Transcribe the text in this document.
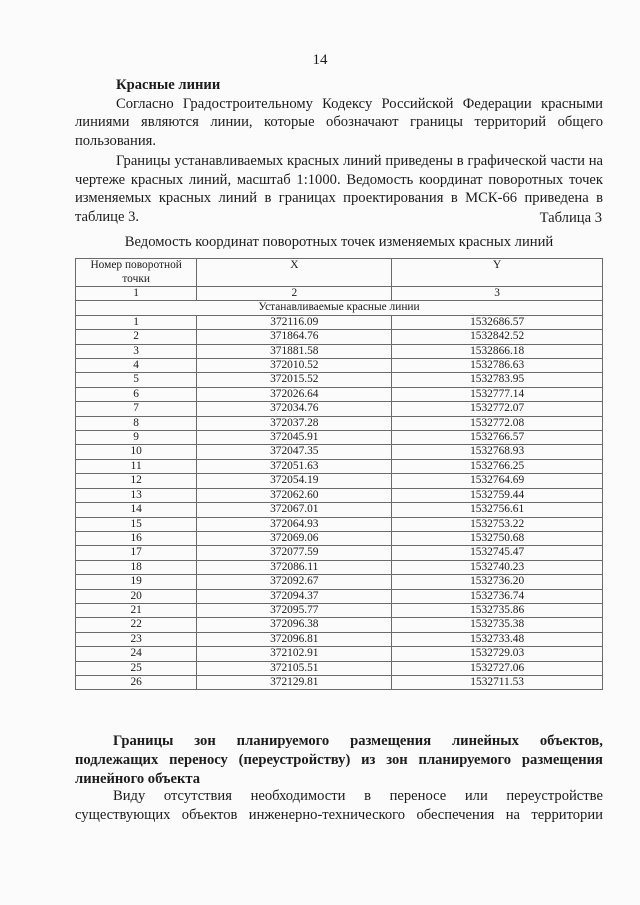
14

Красные линии

Согласно Градостроительному Кодексу Российской Федерации красными линиями являются линии, которые обозначают границы территорий общего пользования.

Границы устанавливаемых красных линий приведены в графической части на чертеже красных линий, масштаб 1:1000. Ведомость координат поворотных точек изменяемых красных линий в границах проектирования в МСК-66 приведена в таблице 3.	Таблица 3
Ведомость координат поворотных точек изменяемых красных линий
Номер поворотной точки	X	Y
1	2	3
Устанавливаемые красные линии		
1	372116.09	1532686.57
2	371864.76	1532842.52
3	371881.58	1532866.18
4	372010.52	1532786.63
5	372015.52	1532783.95
6	372026.64	1532777.14
7	372034.76	1532772.07
8	372037.28	1532772.08
9	372045.91	1532766.57
10	372047.35	1532768.93
11	372051.63	1532766.25
12	372054.19	1532764.69
13	372062.60	1532759.44
14	372067.01	1532756.61
15	372064.93	1532753.22
16	372069.06	1532750.68
17	372077.59	1532745.47
18	372086.11	1532740.23
19	372092.67	1532736.20
20	372094.37	1532736.74
21	372095.77	1532735.86
22	372096.38	1532735.38
23	372096.81	1532733.48
24	372102.91	1532729.03
25	372105.51	1532727.06
26	372129.81	1532711.53
Границы зон планируемого размещения линейных объектов,
подлежащих переносу (переустройству) из зон планируемого размещения
линейного объекта
Виду отсутствия необходимости в переносе или переустройстве
существующих объектов инженерно-технического обеспечения на территории
